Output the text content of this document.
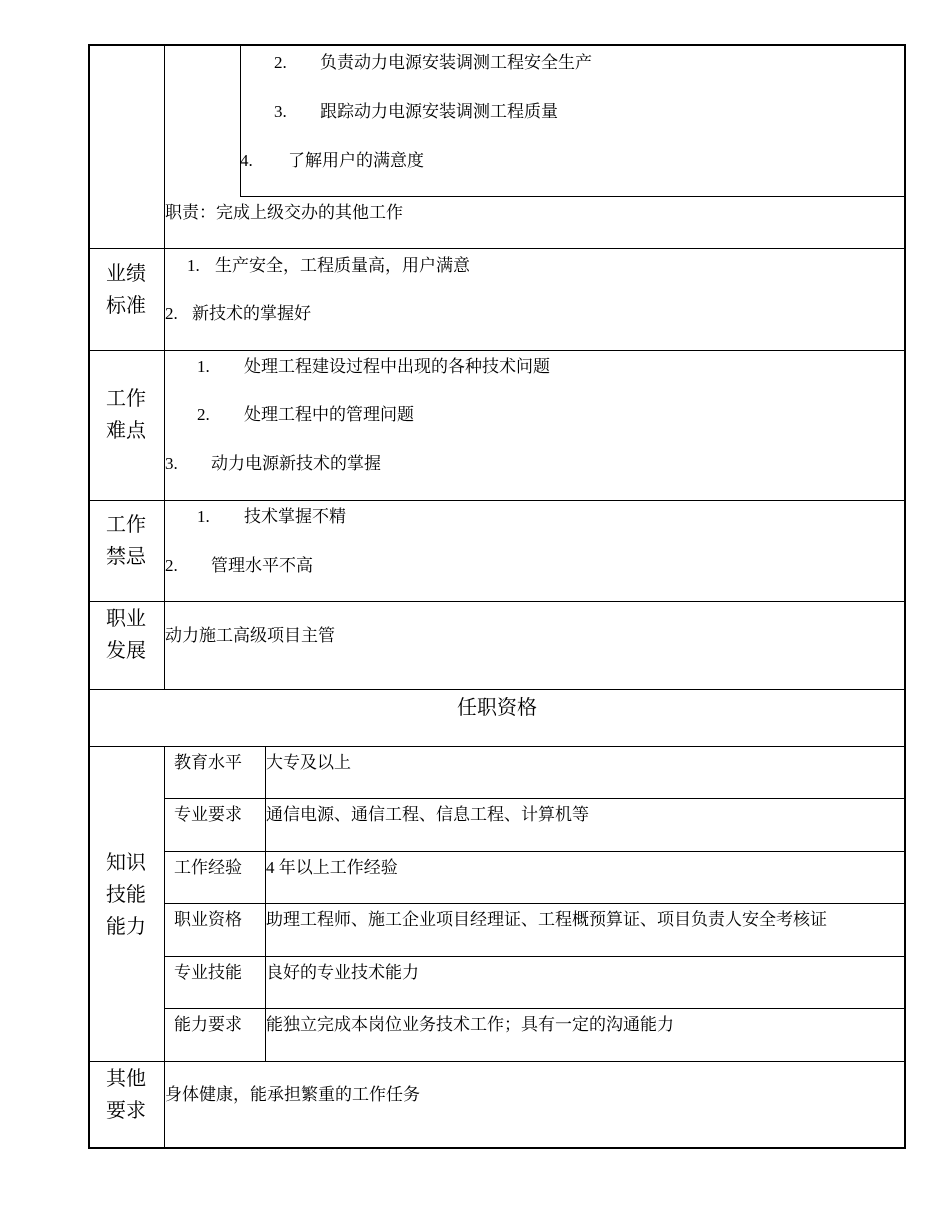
2. 负责动力电源安装调测工程安全生产
3. 跟踪动力电源安装调测工程质量
4. 了解用户的满意度
职责：完成上级交办的其他工作
业绩
标准
1. 生产安全，工程质量高，用户满意
2. 新技术的掌握好
工作
难点
1. 处理工程建设过程中出现的各种技术问题
2. 处理工程中的管理问题
3. 动力电源新技术的掌握
工作
禁忌
1. 技术掌握不精
2. 管理水平不高
职业
发展
动力施工高级项目主管
任职资格
知识
技能
能力
教育水平 大专及以上
专业要求 通信电源、通信工程、信息工程、计算机等
工作经验 4 年以上工作经验
职业资格 助理工程师、施工企业项目经理证、工程概预算证、项目负责人安全考核证
专业技能 良好的专业技术能力
能力要求 能独立完成本岗位业务技术工作；具有一定的沟通能力
其他
要求
身体健康，能承担繁重的工作任务
